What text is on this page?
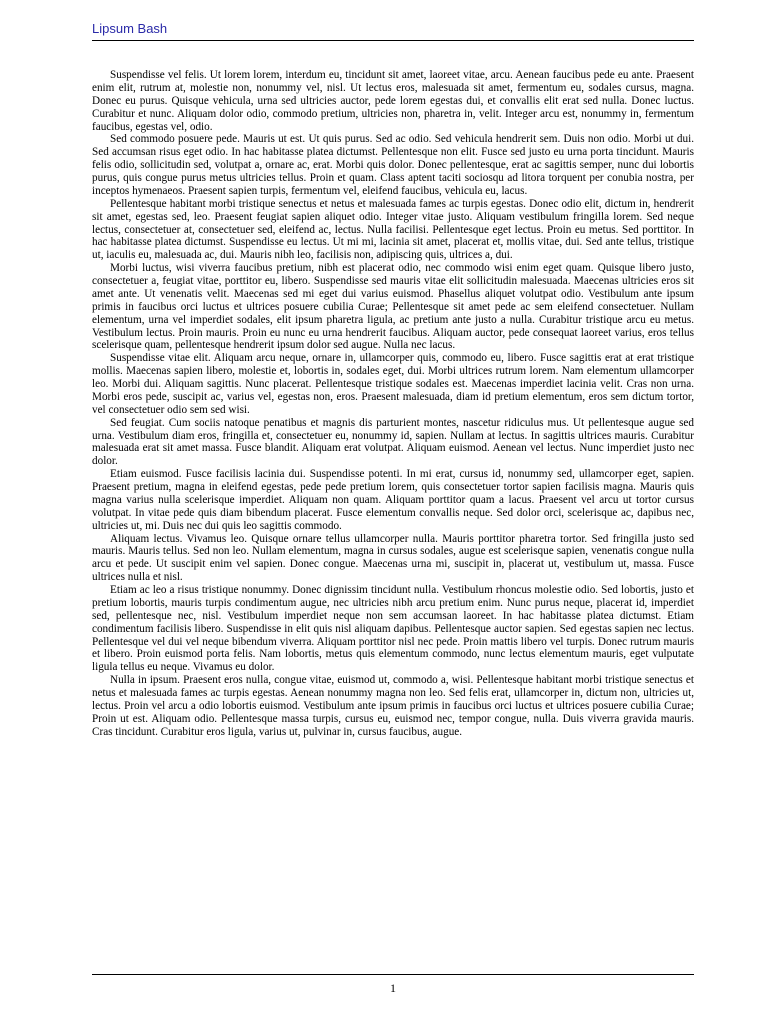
Lipsum Bash

Suspendisse vel felis. Ut lorem lorem, interdum eu, tincidunt sit amet, laoreet vitae, arcu. Aenean faucibus pede eu ante. Praesent enim elit, rutrum at, molestie non, nonummy vel, nisl. Ut lectus eros, malesuada sit amet, fermentum eu, sodales cursus, magna. Donec eu purus. Quisque vehicula, urna sed ultricies auctor, pede lorem egestas dui, et convallis elit erat sed nulla. Donec luctus. Curabitur et nunc. Aliquam dolor odio, commodo pretium, ultricies non, pharetra in, velit. Integer arcu est, nonummy in, fermentum faucibus, egestas vel, odio.

Sed commodo posuere pede. Mauris ut est. Ut quis purus. Sed ac odio. Sed vehicula hendrerit sem. Duis non odio. Morbi ut dui. Sed accumsan risus eget odio. In hac habitasse platea dictumst. Pellentesque non elit. Fusce sed justo eu urna porta tincidunt. Mauris felis odio, sollicitudin sed, volutpat a, ornare ac, erat. Morbi quis dolor. Donec pellentesque, erat ac sagittis semper, nunc dui lobortis purus, quis congue purus metus ultricies tellus. Proin et quam. Class aptent taciti sociosqu ad litora torquent per conubia nostra, per inceptos hymenaeos. Praesent sapien turpis, fermentum vel, eleifend faucibus, vehicula eu, lacus.

Pellentesque habitant morbi tristique senectus et netus et malesuada fames ac turpis egestas. Donec odio elit, dictum in, hendrerit sit amet, egestas sed, leo. Praesent feugiat sapien aliquet odio. Integer vitae justo. Aliquam vestibulum fringilla lorem. Sed neque lectus, consectetuer at, consectetuer sed, eleifend ac, lectus. Nulla facilisi. Pellentesque eget lectus. Proin eu metus. Sed porttitor. In hac habitasse platea dictumst. Suspendisse eu lectus. Ut mi mi, lacinia sit amet, placerat et, mollis vitae, dui. Sed ante tellus, tristique ut, iaculis eu, malesuada ac, dui. Mauris nibh leo, facilisis non, adipiscing quis, ultrices a, dui.

Morbi luctus, wisi viverra faucibus pretium, nibh est placerat odio, nec commodo wisi enim eget quam. Quisque libero justo, consectetuer a, feugiat vitae, porttitor eu, libero. Suspendisse sed mauris vitae elit sollicitudin malesuada. Maecenas ultricies eros sit amet ante. Ut venenatis velit. Maecenas sed mi eget dui varius euismod. Phasellus aliquet volutpat odio. Vestibulum ante ipsum primis in faucibus orci luctus et ultrices posuere cubilia Curae; Pellentesque sit amet pede ac sem eleifend consectetuer. Nullam elementum, urna vel imperdiet sodales, elit ipsum pharetra ligula, ac pretium ante justo a nulla. Curabitur tristique arcu eu metus. Vestibulum lectus. Proin mauris. Proin eu nunc eu urna hendrerit faucibus. Aliquam auctor, pede consequat laoreet varius, eros tellus scelerisque quam, pellentesque hendrerit ipsum dolor sed augue. Nulla nec lacus.

Suspendisse vitae elit. Aliquam arcu neque, ornare in, ullamcorper quis, commodo eu, libero. Fusce sagittis erat at erat tristique mollis. Maecenas sapien libero, molestie et, lobortis in, sodales eget, dui. Morbi ultrices rutrum lorem. Nam elementum ullamcorper leo. Morbi dui. Aliquam sagittis. Nunc placerat. Pellentesque tristique sodales est. Maecenas imperdiet lacinia velit. Cras non urna. Morbi eros pede, suscipit ac, varius vel, egestas non, eros. Praesent malesuada, diam id pretium elementum, eros sem dictum tortor, vel consectetuer odio sem sed wisi.

Sed feugiat. Cum sociis natoque penatibus et magnis dis parturient montes, nascetur ridiculus mus. Ut pellentesque augue sed urna. Vestibulum diam eros, fringilla et, consectetuer eu, nonummy id, sapien. Nullam at lectus. In sagittis ultrices mauris. Curabitur malesuada erat sit amet massa. Fusce blandit. Aliquam erat volutpat. Aliquam euismod. Aenean vel lectus. Nunc imperdiet justo nec dolor.

Etiam euismod. Fusce facilisis lacinia dui. Suspendisse potenti. In mi erat, cursus id, nonummy sed, ullamcorper eget, sapien. Praesent pretium, magna in eleifend egestas, pede pede pretium lorem, quis consectetuer tortor sapien facilisis magna. Mauris quis magna varius nulla scelerisque imperdiet. Aliquam non quam. Aliquam porttitor quam a lacus. Praesent vel arcu ut tortor cursus volutpat. In vitae pede quis diam bibendum placerat. Fusce elementum convallis neque. Sed dolor orci, scelerisque ac, dapibus nec, ultricies ut, mi. Duis nec dui quis leo sagittis commodo.

Aliquam lectus. Vivamus leo. Quisque ornare tellus ullamcorper nulla. Mauris porttitor pharetra tortor. Sed fringilla justo sed mauris. Mauris tellus. Sed non leo. Nullam elementum, magna in cursus sodales, augue est scelerisque sapien, venenatis congue nulla arcu et pede. Ut suscipit enim vel sapien. Donec congue. Maecenas urna mi, suscipit in, placerat ut, vestibulum ut, massa. Fusce ultrices nulla et nisl.

Etiam ac leo a risus tristique nonummy. Donec dignissim tincidunt nulla. Vestibulum rhoncus molestie odio. Sed lobortis, justo et pretium lobortis, mauris turpis condimentum augue, nec ultricies nibh arcu pretium enim. Nunc purus neque, placerat id, imperdiet sed, pellentesque nec, nisl. Vestibulum imperdiet neque non sem accumsan laoreet. In hac habitasse platea dictumst. Etiam condimentum facilisis libero. Suspendisse in elit quis nisl aliquam dapibus. Pellentesque auctor sapien. Sed egestas sapien nec lectus. Pellentesque vel dui vel neque bibendum viverra. Aliquam porttitor nisl nec pede. Proin mattis libero vel turpis. Donec rutrum mauris et libero. Proin euismod porta felis. Nam lobortis, metus quis elementum commodo, nunc lectus elementum mauris, eget vulputate ligula tellus eu neque. Vivamus eu dolor.

Nulla in ipsum. Praesent eros nulla, congue vitae, euismod ut, commodo a, wisi. Pellentesque habitant morbi tristique senectus et netus et malesuada fames ac turpis egestas. Aenean nonummy magna non leo. Sed felis erat, ullamcorper in, dictum non, ultricies ut, lectus. Proin vel arcu a odio lobortis euismod. Vestibulum ante ipsum primis in faucibus orci luctus et ultrices posuere cubilia Curae; Proin ut est. Aliquam odio. Pellentesque massa turpis, cursus eu, euismod nec, tempor congue, nulla. Duis viverra gravida mauris. Cras tincidunt. Curabitur eros ligula, varius ut, pulvinar in, cursus faucibus, augue.

1
